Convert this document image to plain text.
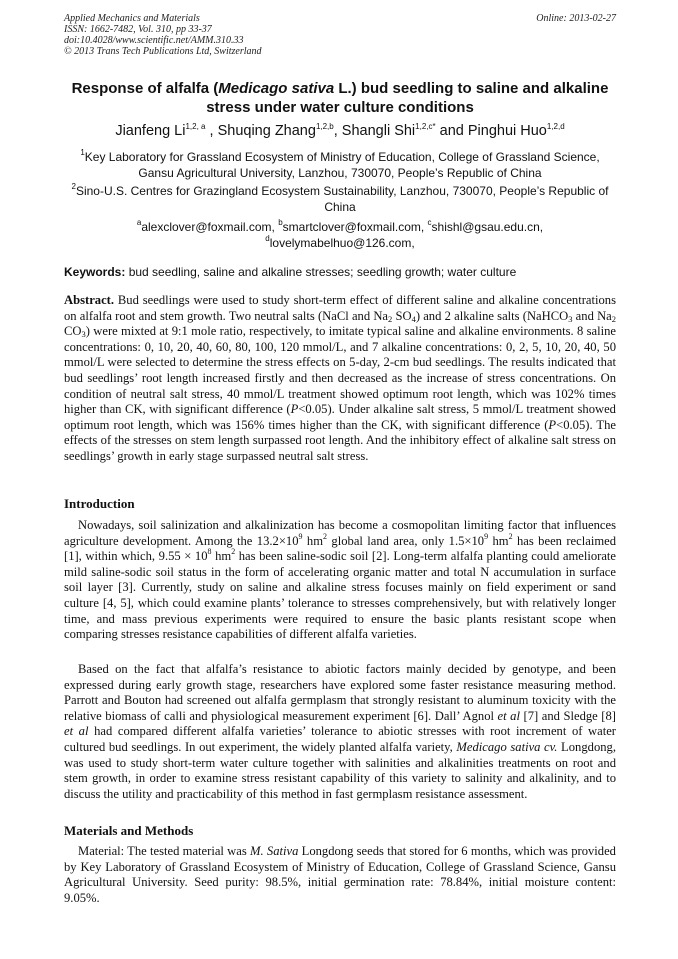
Applied Mechanics and Materials
ISSN: 1662-7482, Vol. 310, pp 33-37
doi:10.4028/www.scientific.net/AMM.310.33
© 2013 Trans Tech Publications Ltd, Switzerland
Online: 2013-02-27
Response of alfalfa (Medicago sativa L.) bud seedling to saline and alkaline stress under water culture conditions
Jianfeng Li$^{1,2, a}$ , Shuqing Zhang$^{1,2,b}$, Shangli Shi$^{1,2,c*}$ and Pinghui Huo$^{1,2,d}$
$^1$Key Laboratory for Grassland Ecosystem of Ministry of Education, College of Grassland Science, Gansu Agricultural University, Lanzhou, 730070, People’s Republic of China
$^2$Sino-U.S. Centres for Grazingland Ecosystem Sustainability, Lanzhou, 730070, People’s Republic of China
$^a$alexclover@foxmail.com, $^b$smartclover@foxmail.com, $^c$shishl@gsau.edu.cn,
$^d$lovelymabelhuo@126.com,
Keywords: bud seedling, saline and alkaline stresses; seedling growth; water culture
Abstract. Bud seedlings were used to study short-term effect of different saline and alkaline concentrations on alfalfa root and stem growth. Two neutral salts (NaCl and $Na_2$ $SO_4$) and 2 alkaline salts (NaHCO$_3$ and $Na_2$ $CO_3$) were mixted at 9:1 mole ratio, respectively, to imitate typical saline and alkaline environments. 8 saline concentrations: 0, 10, 20, 40, 60, 80, 100, 120 mmol/L, and 7 alkaline concentrations: 0, 2, 5, 10, 20, 40, 50 mmol/L were selected to determine the stress effects on 5-day, 2-cm bud seedlings. The results indicated that bud seedlings’ root length increased firstly and then decreased as the increase of stress concentrations. On condition of neutral salt stress, 40 mmol/L treatment showed optimum root length, which was 102% times higher than CK, with significant difference (P<0.05). Under alkaline salt stress, 5 mmol/L treatment showed optimum root length, which was 156% times higher than the CK, with significant difference (P<0.05). The effects of the stresses on stem length surpassed root length. And the inhibitory effect of alkaline salt stress on seedlings’ growth in early stage surpassed neutral salt stress.
Introduction
Nowadays, soil salinization and alkalinization has become a cosmopolitan limiting factor that influences agriculture development. Among the $13.2\times 10^9$ $hm^2$ global land area, only $1.5\times 10^9$ $hm^2$ has been reclaimed [1], within which, $9.55 \times 10^8$ $hm^2$ has been saline-sodic soil [2]. Long-term alfalfa planting could ameliorate mild saline-sodic soil status in the form of accelerating organic matter and total N accumulation in surface soil layer [3]. Currently, study on saline and alkaline stress focuses mainly on field experiment or sand culture [4, 5], which could examine plants’ tolerance to stresses comprehensively, but with relatively longer time, and mass previous experiments were required to ensure the basic plants resistant scope when comparing stresses resistance capabilities of different alfalfa varieties.
Based on the fact that alfalfa’s resistance to abiotic factors mainly decided by genotype, and been expressed during early growth stage, researchers have explored some faster resistance measuring method. Parrott and Bouton had screened out alfalfa germplasm that strongly resistant to aluminum toxicity with the relative biomass of calli and physiological measurement experiment [6]. Dall’ Agnol et al [7] and Sledge [8] et al had compared different alfalfa varieties’ tolerance to abiotic stresses with root increment of water cultured bud seedlings. In out experiment, the widely planted alfalfa variety, Medicago sativa cv. Longdong, was used to study short-term water culture together with salinities and alkalinities treatments on root and stem growth, in order to examine stress resistant capability of this variety to salinity and alkalinity, and to discuss the utility and practicability of this method in fast germplasm resistance assessment.
Materials and Methods
Material: The tested material was M. Sativa Longdong seeds that stored for 6 months, which was provided by Key Laboratory of Grassland Ecosystem of Ministry of Education, College of Grassland Science, Gansu Agricultural University. Seed purity: 98.5%, initial germination rate: 78.84%, initial moisture content: 9.05%.
